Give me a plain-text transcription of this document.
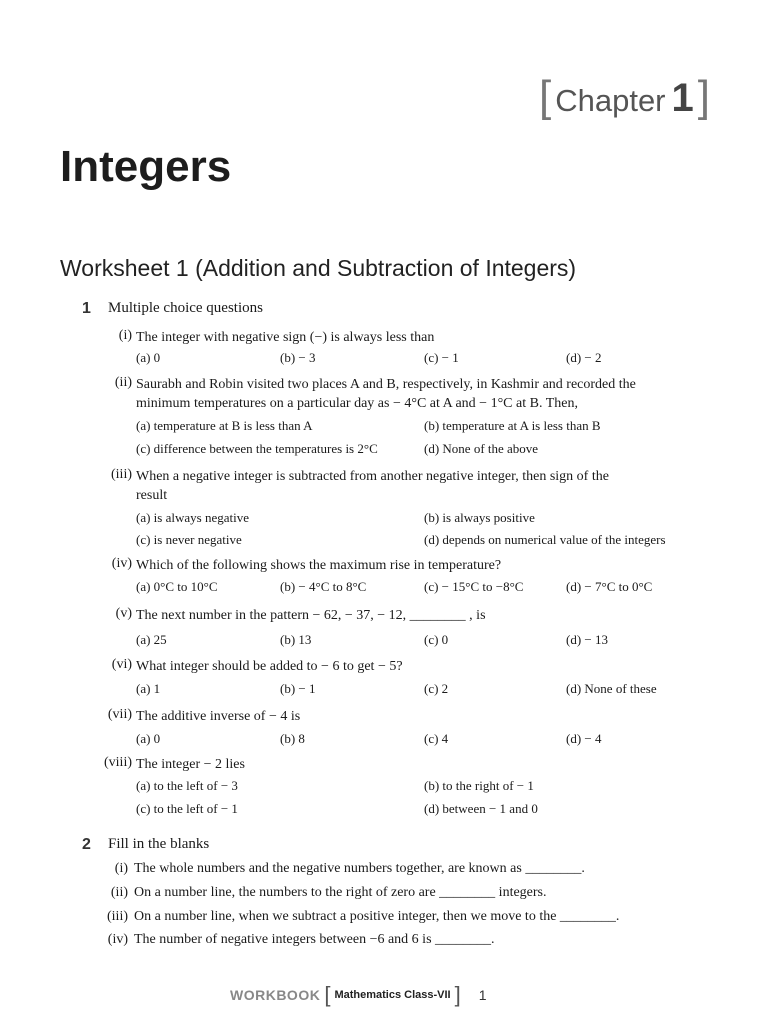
[ Chapter 1 ]
Integers
Worksheet 1 (Addition and Subtraction of Integers)
1 Multiple choice questions
(i) The integer with negative sign (−) is always less than
(a) 0	(b) − 3	(c) − 1	(d) − 2
(ii) Saurabh and Robin visited two places A and B, respectively, in Kashmir and recorded the
minimum temperatures on a particular day as − 4°C at A and − 1°C at B. Then,
(a) temperature at B is less than A	(b) temperature at A is less than B
(c) difference between the temperatures is 2°C	(d) None of the above
(iii) When a negative integer is subtracted from another negative integer, then sign of the
result
(a) is always negative	(b) is always positive
(c) is never negative	(d) depends on numerical value of the integers
(iv) Which of the following shows the maximum rise in temperature?
(a) 0°C to 10°C	(b) − 4°C to 8°C	(c) − 15°C to −8°C	(d) − 7°C to 0°C
(v) The next number in the pattern − 62, − 37, − 12, ________ , is
(a) 25	(b) 13	(c) 0	(d) − 13
(vi) What integer should be added to − 6 to get − 5?
(a) 1	(b) − 1	(c) 2	(d) None of these
(vii) The additive inverse of − 4 is
(a) 0	(b) 8	(c) 4	(d) − 4
(viii) The integer − 2 lies
(a) to the left of − 3	(b) to the right of − 1
(c) to the left of − 1	(d) between − 1 and 0
2 Fill in the blanks
(i) The whole numbers and the negative numbers together, are known as ________.
(ii) On a number line, the numbers to the right of zero are ________ integers.
(iii) On a number line, when we subtract a positive integer, then we move to the ________.
(iv) The number of negative integers between −6 and 6 is ________.
WORKBOOK [ Mathematics Class-VII ] 1
